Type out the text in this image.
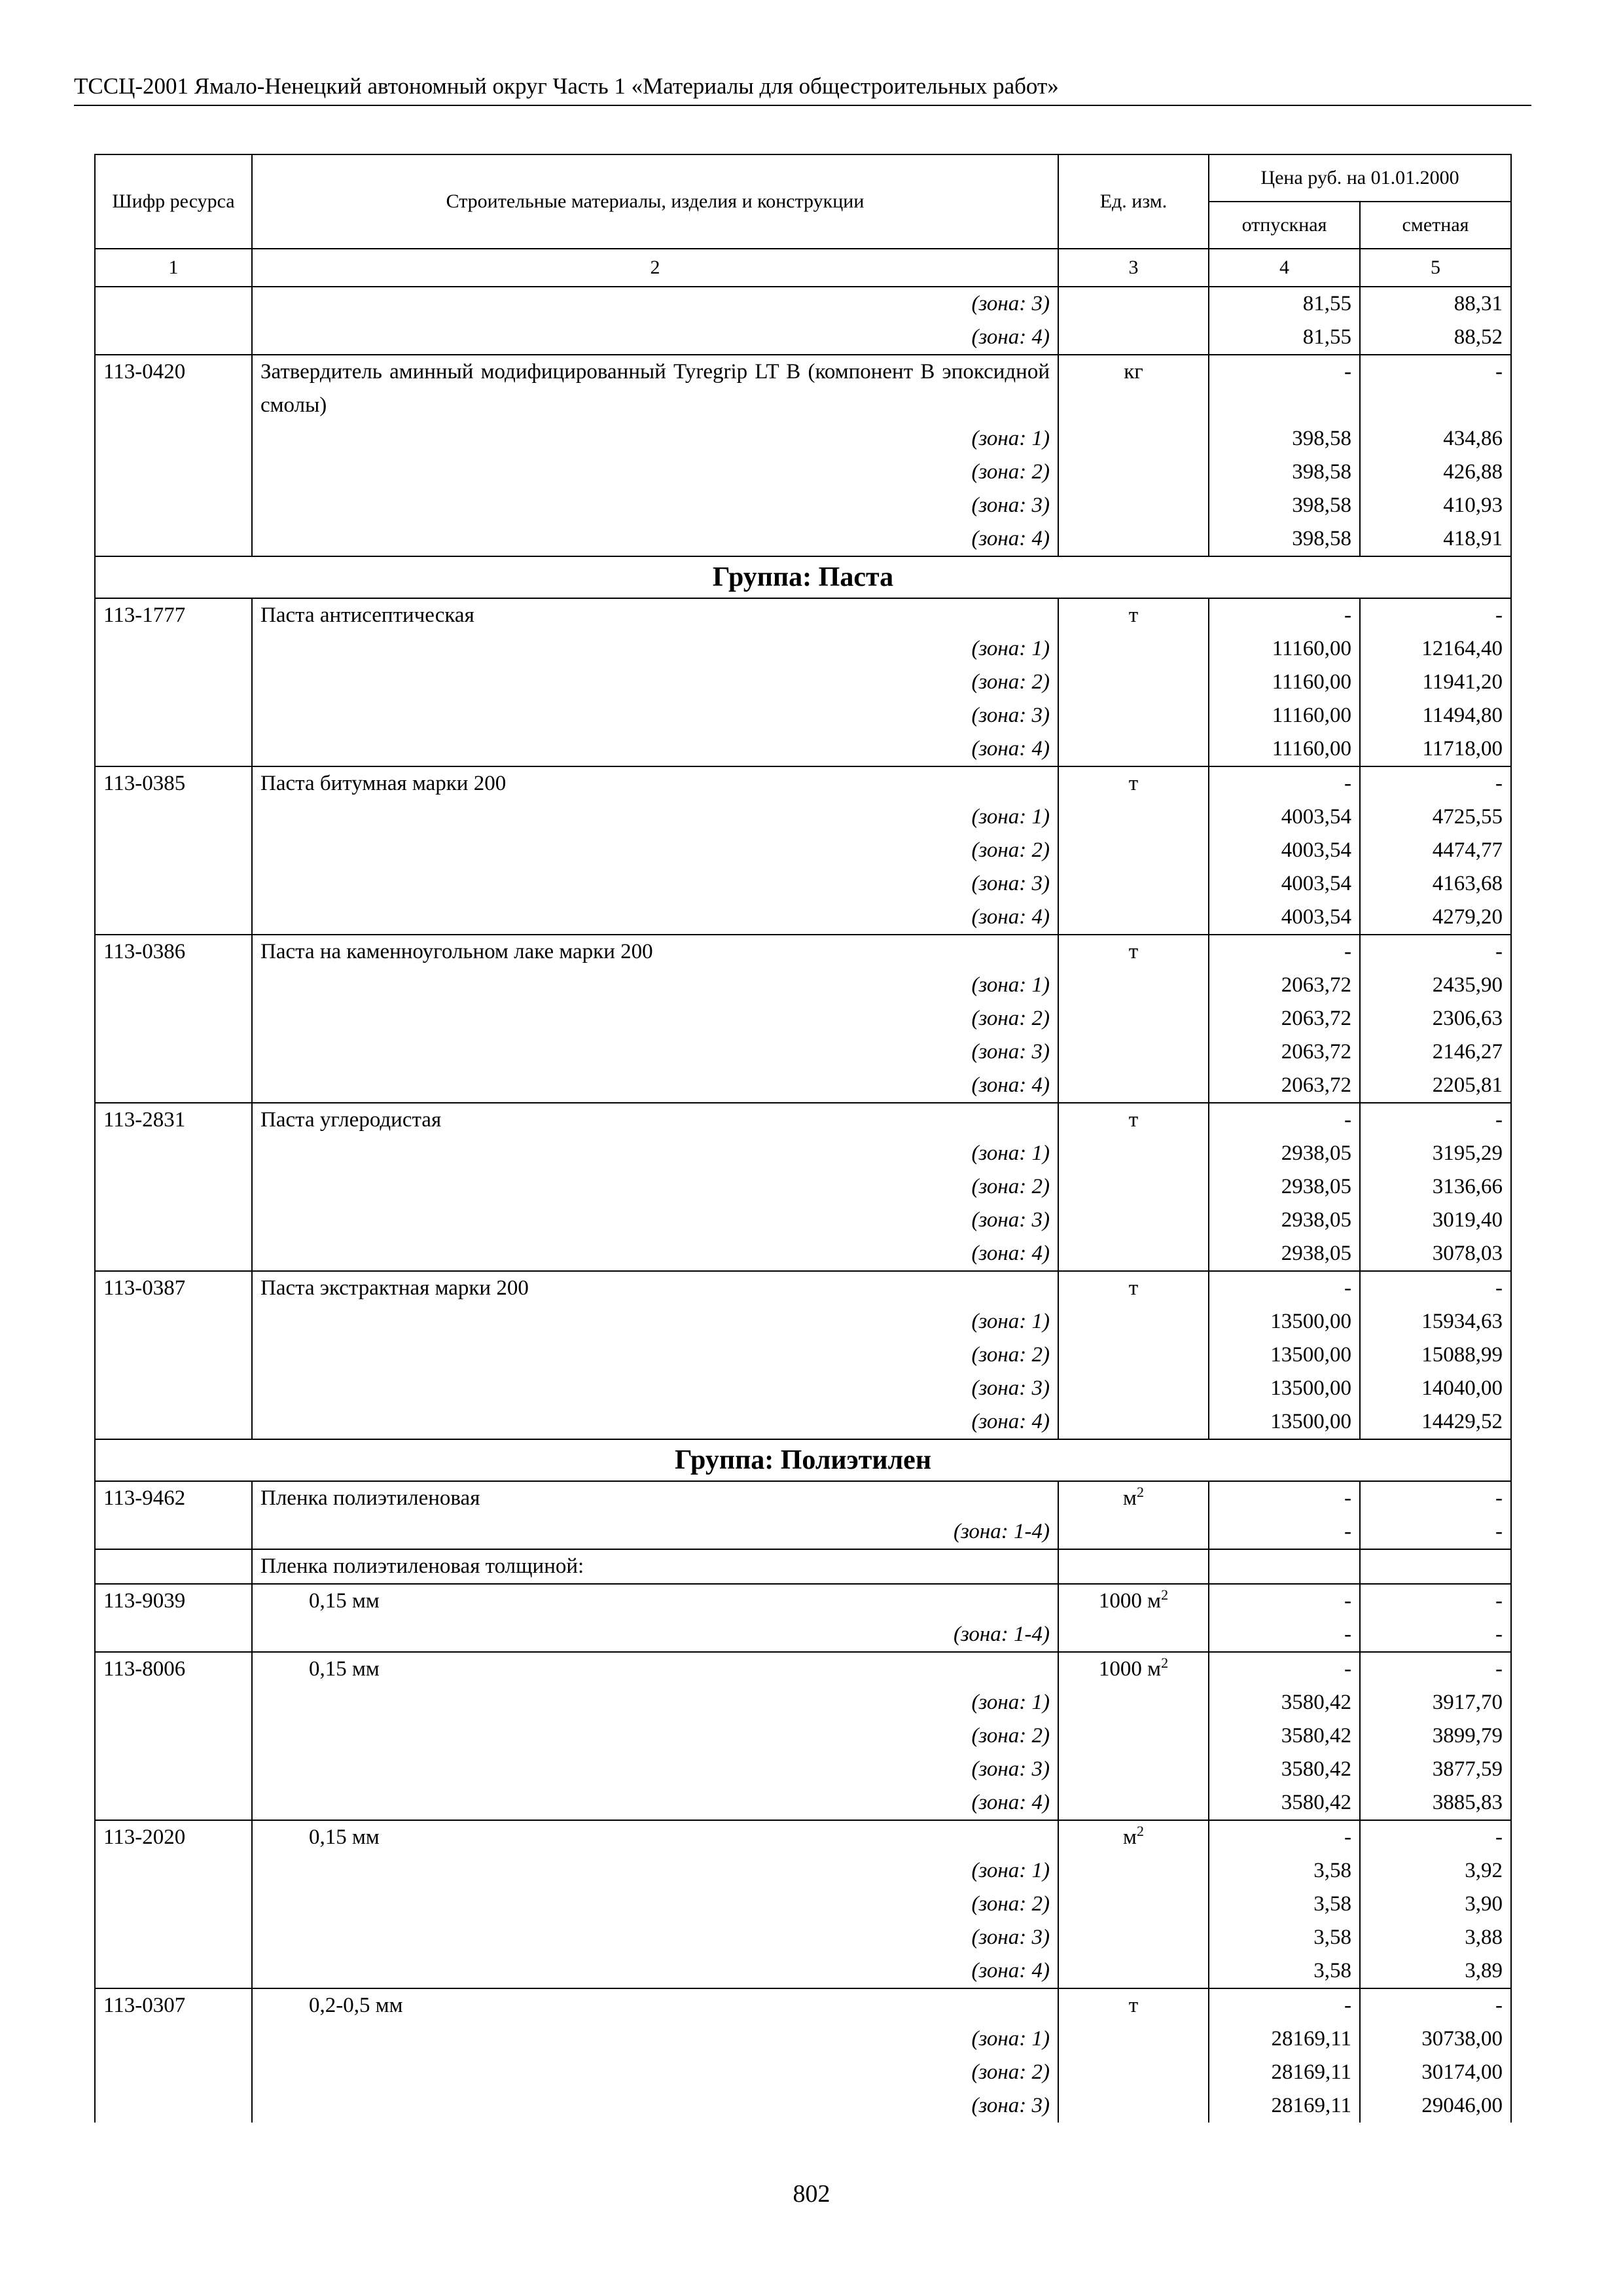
ТССЦ-2001 Ямало-Ненецкий автономный округ Часть 1 «Материалы для общестроительных работ»
Шифр ресурса	Строительные материалы, изделия и конструкции	Ед. изм.	Цена руб. на 01.01.2000	
			отпускная	сметная
1	2	3	4	5
	(зона: 3)		81,55	88,31
	(зона: 4)		81,55	88,52
113-0420	Затвердитель аминный модифицированный Tyregrip LT B (компонент В эпоксидной смолы)	кг	-	-
	(зона: 1)		398,58	434,86
	(зона: 2)		398,58	426,88
	(зона: 3)		398,58	410,93
	(зона: 4)		398,58	418,91
Группа: Паста				
113-1777	Паста антисептическая	т	-	-
	(зона: 1)		11160,00	12164,40
	(зона: 2)		11160,00	11941,20
	(зона: 3)		11160,00	11494,80
	(зона: 4)		11160,00	11718,00
113-0385	Паста битумная марки 200	т	-	-
	(зона: 1)		4003,54	4725,55
	(зона: 2)		4003,54	4474,77
	(зона: 3)		4003,54	4163,68
	(зона: 4)		4003,54	4279,20
113-0386	Паста на каменноугольном лаке марки 200	т	-	-
	(зона: 1)		2063,72	2435,90
	(зона: 2)		2063,72	2306,63
	(зона: 3)		2063,72	2146,27
	(зона: 4)		2063,72	2205,81
113-2831	Паста углеродистая	т	-	-
	(зона: 1)		2938,05	3195,29
	(зона: 2)		2938,05	3136,66
	(зона: 3)		2938,05	3019,40
	(зона: 4)		2938,05	3078,03
113-0387	Паста экстрактная марки 200	т	-	-
	(зона: 1)		13500,00	15934,63
	(зона: 2)		13500,00	15088,99
	(зона: 3)		13500,00	14040,00
	(зона: 4)		13500,00	14429,52
Группа: Полиэтилен				
113-9462	Пленка полиэтиленовая	$м^2$	-	-
	(зона: 1-4)		-	-
	Пленка полиэтиленовая толщиной:			
113-9039	0,15 мм	1000 $м^2$	-	-
	(зона: 1-4)		-	-
113-8006	0,15 мм	1000 $м^2$	-	-
	(зона: 1)		3580,42	3917,70
	(зона: 2)		3580,42	3899,79
	(зона: 3)		3580,42	3877,59
	(зона: 4)		3580,42	3885,83
113-2020	0,15 мм	$м^2$	-	-
	(зона: 1)		3,58	3,92
	(зона: 2)		3,58	3,90
	(зона: 3)		3,58	3,88
	(зона: 4)		3,58	3,89
113-0307	0,2-0,5 мм	т	-	-
	(зона: 1)		28169,11	30738,00
	(зона: 2)		28169,11	30174,00
	(зона: 3)		28169,11	29046,00
802
